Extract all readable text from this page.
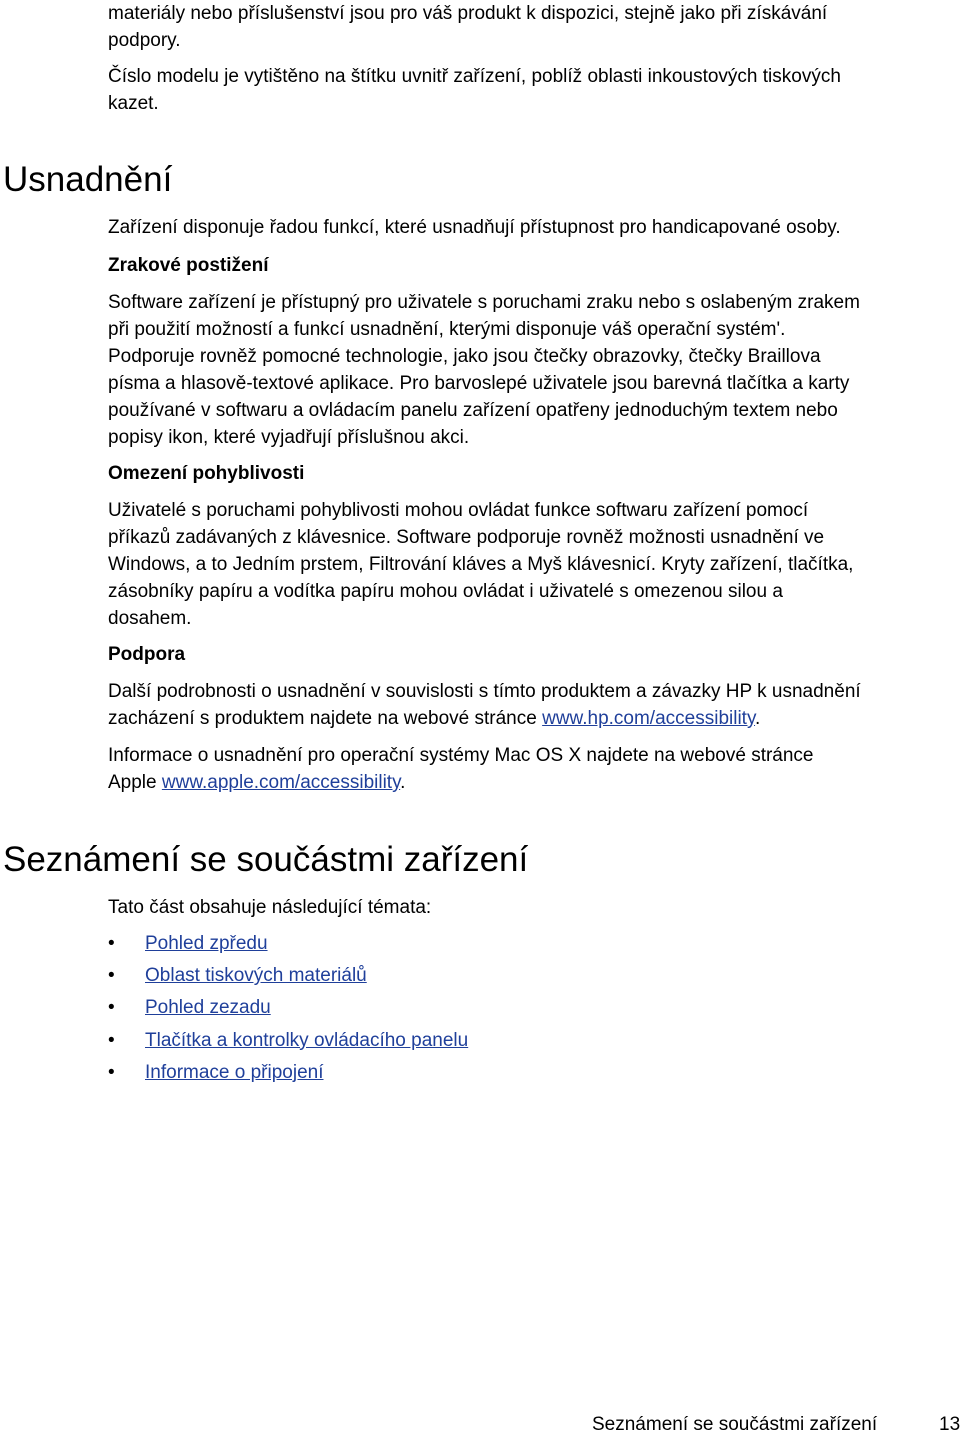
materiály nebo příslušenství jsou pro váš produkt k dispozici, stejně jako při získávání
podpory.

Číslo modelu je vytištěno na štítku uvnitř zařízení, poblíž oblasti inkoustových tiskových
kazet.

Usnadnění

Zařízení disponuje řadou funkcí, které usnadňují přístupnost pro handicapované osoby.

Zrakové postižení

Software zařízení je přístupný pro uživatele s poruchami zraku nebo s oslabeným zrakem
při použití možností a funkcí usnadnění, kterými disponuje váš operační systém'.
Podporuje rovněž pomocné technologie, jako jsou čtečky obrazovky, čtečky Braillova
písma a hlasově-textové aplikace. Pro barvoslepé uživatele jsou barevná tlačítka a karty
používané v softwaru a ovládacím panelu zařízení opatřeny jednoduchým textem nebo
popisy ikon, které vyjadřují příslušnou akci.

Omezení pohyblivosti

Uživatelé s poruchami pohyblivosti mohou ovládat funkce softwaru zařízení pomocí
příkazů zadávaných z klávesnice. Software podporuje rovněž možnosti usnadnění ve
Windows, a to Jedním prstem, Filtrování kláves a Myš klávesnicí. Kryty zařízení, tlačítka,
zásobníky papíru a vodítka papíru mohou ovládat i uživatelé s omezenou silou a
dosahem.

Podpora

Další podrobnosti o usnadnění v souvislosti s tímto produktem a závazky HP k usnadnění
zacházení s produktem najdete na webové stránce www.hp.com/accessibility.

Informace o usnadnění pro operační systémy Mac OS X najdete na webové stránce
Apple www.apple.com/accessibility.

Seznámení se součástmi zařízení

Tato část obsahuje následující témata:

•	Pohled zpředu
•	Oblast tiskových materiálů
•	Pohled zezadu
•	Tlačítka a kontrolky ovládacího panelu
•	Informace o připojení
Seznámení se součástmi zařízení	13
